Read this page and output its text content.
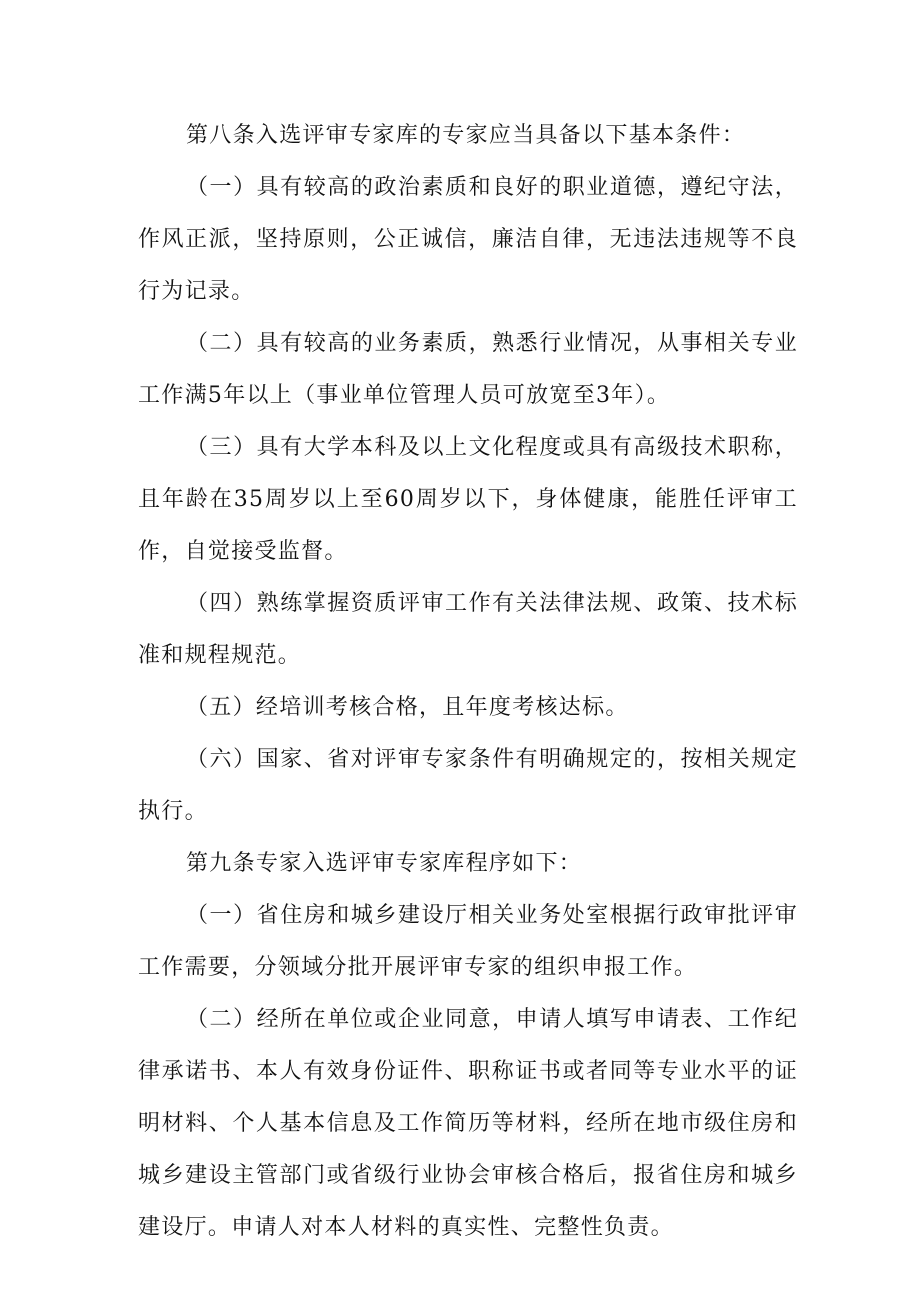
第八条入选评审专家库的专家应当具备以下基本条件：

（一）具有较高的政治素质和良好的职业道德，遵纪守法，作风正派，坚持原则，公正诚信，廉洁自律，无违法违规等不良行为记录。

（二）具有较高的业务素质，熟悉行业情况，从事相关专业工作满5年以上（事业单位管理人员可放宽至3年）。

（三）具有大学本科及以上文化程度或具有高级技术职称，且年龄在35周岁以上至60周岁以下，身体健康，能胜任评审工作，自觉接受监督。

（四）熟练掌握资质评审工作有关法律法规、政策、技术标准和规程规范。

（五）经培训考核合格，且年度考核达标。

（六）国家、省对评审专家条件有明确规定的，按相关规定执行。

第九条专家入选评审专家库程序如下：

（一）省住房和城乡建设厅相关业务处室根据行政审批评审工作需要，分领域分批开展评审专家的组织申报工作。

（二）经所在单位或企业同意，申请人填写申请表、工作纪律承诺书、本人有效身份证件、职称证书或者同等专业水平的证明材料、个人基本信息及工作简历等材料，经所在地市级住房和城乡建设主管部门或省级行业协会审核合格后，报省住房和城乡建设厅。申请人对本人材料的真实性、完整性负责。
